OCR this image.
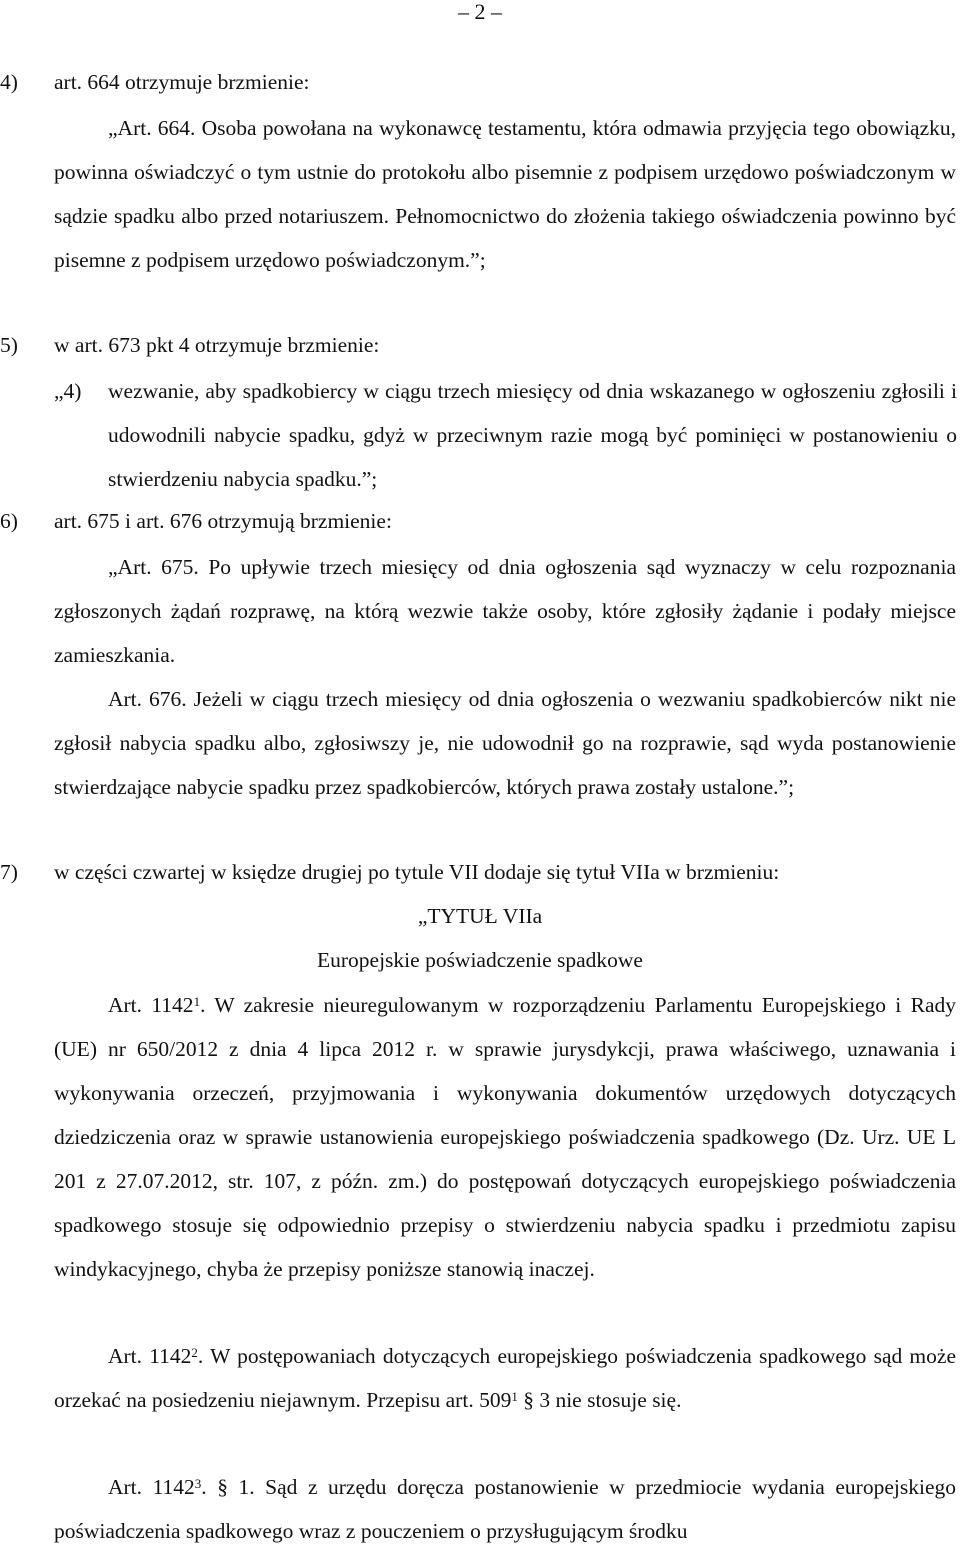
– 2 –
4) art. 664 otrzymuje brzmienie:
„Art. 664. Osoba powołana na wykonawcę testamentu, która odmawia przyjęcia tego obowiązku, powinna oświadczyć o tym ustnie do protokołu albo pisemnie z podpisem urzędowo poświadczonym w sądzie spadku albo przed notariuszem. Pełnomocnictwo do złożenia takiego oświadczenia powinno być pisemne z podpisem urzędowo poświadczonym.”;
5) w art. 673 pkt 4 otrzymuje brzmienie:
„4) wezwanie, aby spadkobiercy w ciągu trzech miesięcy od dnia wskazanego w ogłoszeniu zgłosili i udowodnili nabycie spadku, gdyż w przeciwnym razie mogą być pominięci w postanowieniu o stwierdzeniu nabycia spadku.”;
6) art. 675 i art. 676 otrzymują brzmienie:
„Art. 675. Po upływie trzech miesięcy od dnia ogłoszenia sąd wyznaczy w celu rozpoznania zgłoszonych żądań rozprawę, na którą wezwie także osoby, które zgłosiły żądanie i podały miejsce zamieszkania.
Art. 676. Jeżeli w ciągu trzech miesięcy od dnia ogłoszenia o wezwaniu spadkobierców nikt nie zgłosił nabycia spadku albo, zgłosiwszy je, nie udowodnił go na rozprawie, sąd wyda postanowienie stwierdzające nabycie spadku przez spadkobierców, których prawa zostały ustalone.”;
7) w części czwartej w księdze drugiej po tytule VII dodaje się tytuł VIIa w brzmieniu:
„TYTUŁ VIIa
Europejskie poświadczenie spadkowe
Art. 1142$^1$. W zakresie nieuregulowanym w rozporządzeniu Parlamentu Europejskiego i Rady (UE) nr 650/2012 z dnia 4 lipca 2012 r. w sprawie jurysdykcji, prawa właściwego, uznawania i wykonywania orzeczeń, przyjmowania i wykonywania dokumentów urzędowych dotyczących dziedziczenia oraz w sprawie ustanowienia europejskiego poświadczenia spadkowego (Dz. Urz. UE L 201 z 27.07.2012, str. 107, z późn. zm.) do postępowań dotyczących europejskiego poświadczenia spadkowego stosuje się odpowiednio przepisy o stwierdzeniu nabycia spadku i przedmiotu zapisu windykacyjnego, chyba że przepisy poniższe stanowią inaczej.
Art. 1142$^2$. W postępowaniach dotyczących europejskiego poświadczenia spadkowego sąd może orzekać na posiedzeniu niejawnym. Przepisu art. $509^1$ § 3 nie stosuje się.
Art. 1142$^3$. § 1. Sąd z urzędu doręcza postanowienie w przedmiocie wydania europejskiego poświadczenia spadkowego wraz z pouczeniem o przysługującym środku
